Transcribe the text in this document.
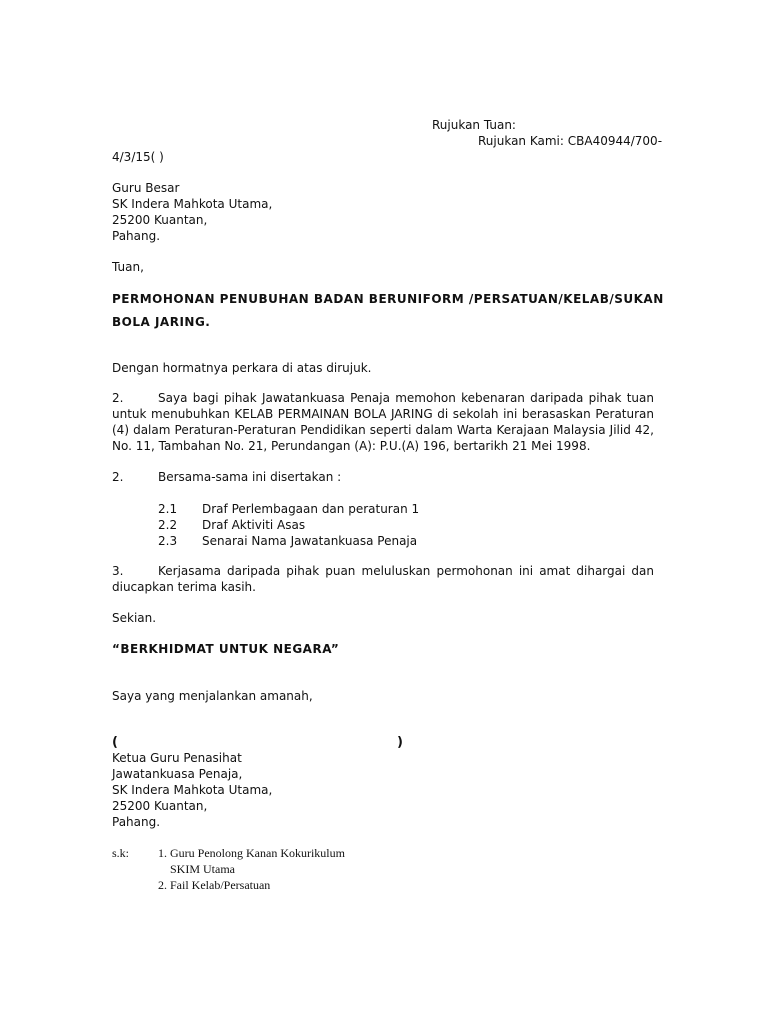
Rujukan Tuan:
Rujukan Kami: CBA40944/700-
4/3/15( )
Guru Besar
SK Indera Mahkota Utama,
25200 Kuantan,
Pahang.
Tuan,
PERMOHONAN PENUBUHAN BADAN BERUNIFORM /PERSATUAN/KELAB/SUKAN
BOLA JARING.
Dengan hormatnya perkara di atas dirujuk.
2.	Saya bagi pihak Jawatankuasa Penaja memohon kebenaran daripada pihak tuan untuk menubuhkan KELAB PERMAINAN BOLA JARING di sekolah ini berasaskan Peraturan (4) dalam Peraturan-Peraturan Pendidikan seperti dalam Warta Kerajaan Malaysia Jilid 42, No. 11, Tambahan No. 21, Perundangan (A): P.U.(A) 196, bertarikh 21 Mei 1998.
2.	Bersama-sama ini disertakan :
2.1 Draf Perlembagaan dan peraturan 1
2.2 Draf Aktiviti Asas
2.3 Senarai Nama Jawatankuasa Penaja
3.	Kerjasama daripada pihak puan meluluskan permohonan ini amat dihargai dan diucapkan terima kasih.
Sekian.
“BERKHIDMAT UNTUK NEGARA”
Saya yang menjalankan amanah,
(	)
Ketua Guru Penasihat
Jawatankuasa Penaja,
SK Indera Mahkota Utama,
25200 Kuantan,
Pahang.
s.k: 1. Guru Penolong Kanan Kokurikulum
SKIM Utama
2. Fail Kelab/Persatuan
